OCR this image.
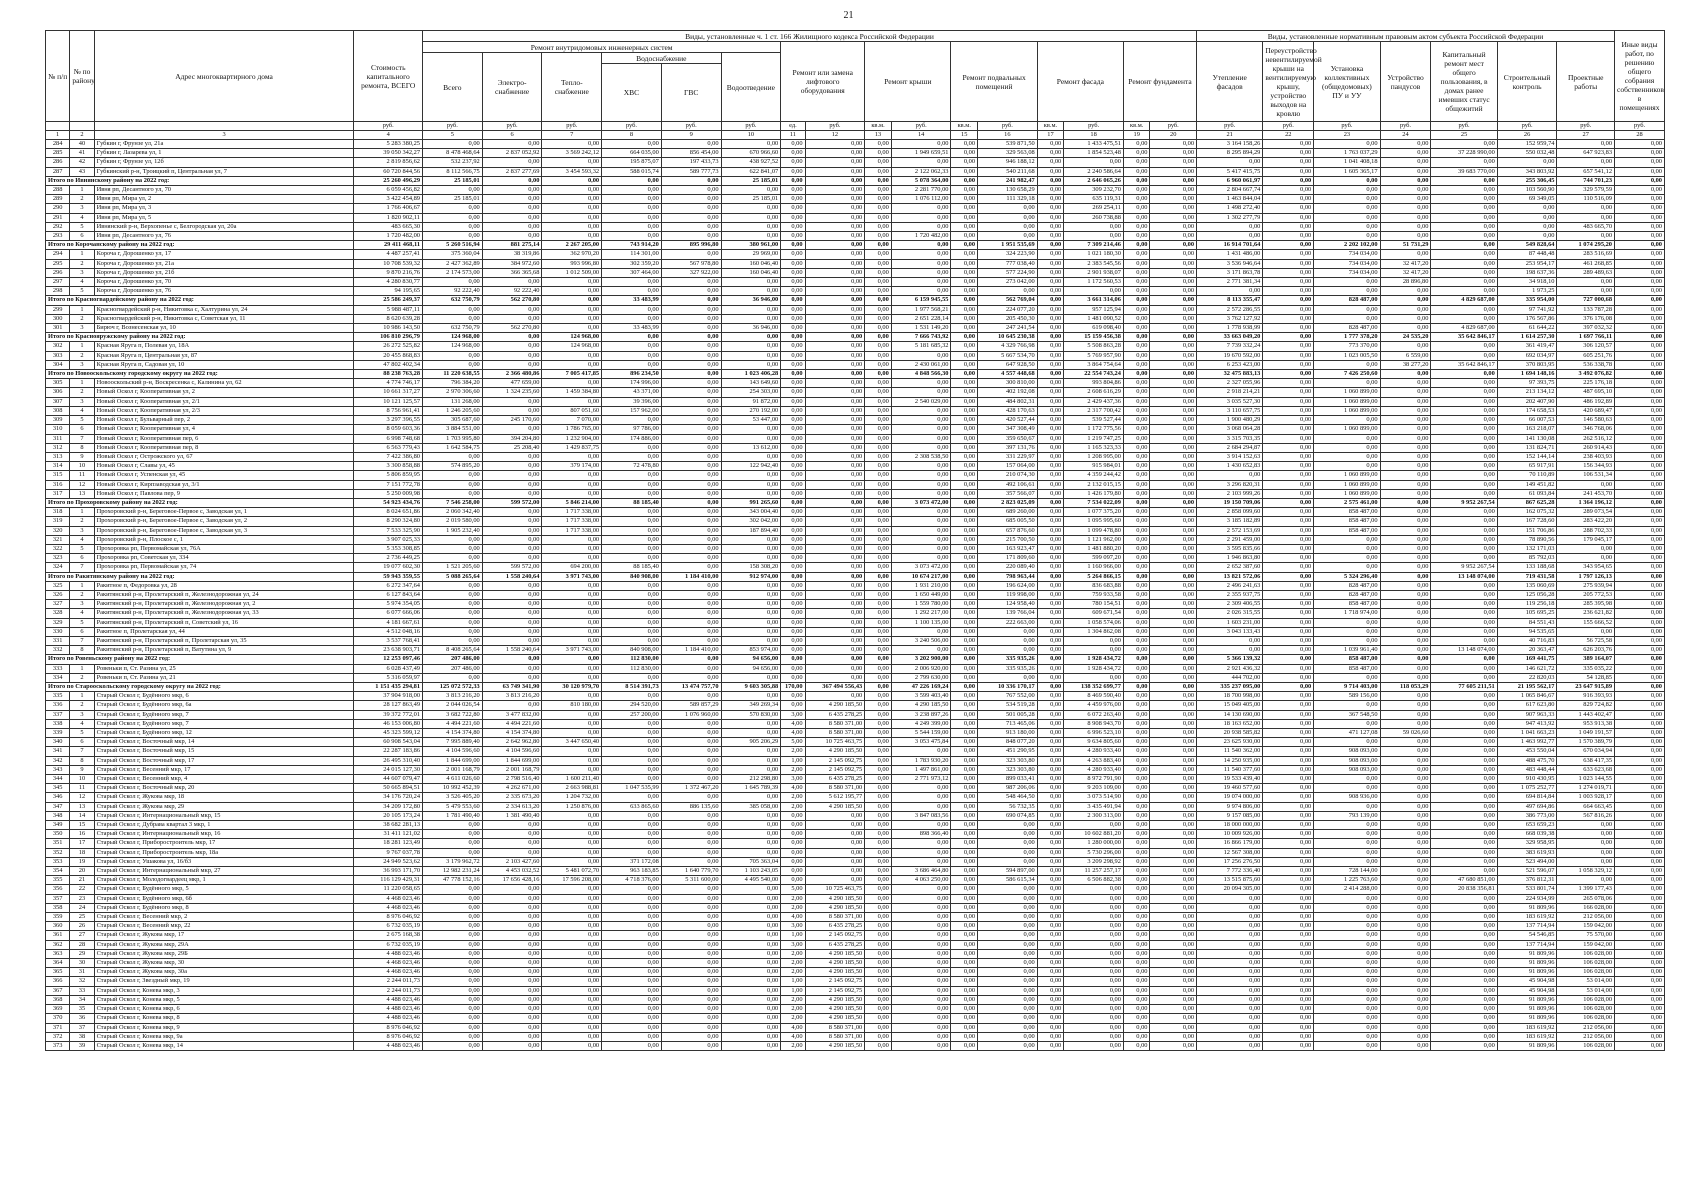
21
№ п/п	№ по району	Адрес многоквартирного дома	Стоимость капитального ремонта, ВСЕГО	Виды, установленные ч. 1 ст. 166 Жилищного кодекса Российской Федерации																Виды, установленные нормативным правовым актом субъекта Российской Федерации							Иные виды работ, по решению общего собрания собственников в помещениях
				Ремонт внутридомовых инженерных систем						Ремонт или замена лифтового оборудования		Ремонт крыши		Ремонт подвальных помещений		Ремонт фасада		Ремонт фундамента		Утепление фасадов	Переустройство невентилируемой крыши на вентилируемую крышу, устройство выходов на кровлю	Установка коллективных (общедомовых) ПУ и УУ	Устройство пандусов	Капитальный ремонт мест общего пользования, в домах ранее имевших статус общежитий	Строительный контроль	Проектные работы	
				Всего	Электро-снабжение	Тепло-снабжение	Водоснабжение		Водоотведение																		
							ХВС	ГВС																			
			руб.	руб.	руб.	руб.	руб.	руб.	руб.	ед.	руб.	кв.м.	руб.	кв.м.	руб.	кв.м.	руб.	кв.м.	руб.	руб.	руб.	руб.	руб.	руб.	руб.	руб.	руб.
1	2	3	4	5	6	7	8	9	10	11	12	13	14	15	16	17	18	19	20	21	22	23	24	25	26	27	28
284	40	Губкин г, Фрунзе ул, 21а	5 283 380,25	0,00	0,00	0,00	0,00	0,00	0,00	0,00	0,00	0,00	0,00	0,00	539 871,50	0,00	1 433 475,51	0,00	0,00	3 164 158,26	0,00	0,00	0,00	0,00	152 959,74	0,00	0,00
285	41	Губкин г, Лазарева ул, 1	39 050 342,27	8 478 468,64	2 837 052,92	3 569 242,12	664 035,00	856 454,00	670 966,60	0,00	0,00	0,00	1 949 659,51	0,00	329 563,08	0,00	1 854 523,48	0,00	0,00	8 295 894,29	0,00	1 763 037,29	0,00	37 228 990,00	550 032,48	647 923,83	0,00
286	42	Губкин г, Фрунзе ул, 12б	2 819 856,62	532 237,92	0,00	0,00	195 875,07	197 433,73	438 927,52	0,00	0,00	0,00	0,00	0,00	946 188,12	0,00	0,00	0,00	0,00	0,00	0,00	1 041 408,18	0,00	0,00	0,00	0,00	0,00
287	43	Губкинский р-н, Троицкий п, Центральная ул, 7	60 720 844,56	8 112 566,75	2 837 277,69	3 454 593,32	588 015,74	589 777,73	622 841,07	0,00	0,00	0,00	2 122 062,33	0,00	540 211,68	0,00	2 240 586,64	0,00	0,00	5 417 415,75	0,00	1 605 365,17	0,00	39 683 770,00	343 803,92	657 541,12	0,00
Итого по Ивнянскому району на 2022 год:			25 260 496,29	25 185,01	0,00	0,00	0,00	0,00	25 185,01	0,00	0,00	0,00	5 078 364,00	0,00	241 982,47	0,00	2 646 065,26	0,00	0,00	6 960 061,97	0,00	0,00	0,00	0,00	255 306,45	744 701,23	0,00
288	1	Ивня рп, Десантного ул, 70	6 059 456,82	0,00	0,00	0,00	0,00	0,00	0,00	0,00	0,00	0,00	2 281 770,00	0,00	130 658,29	0,00	309 232,70	0,00	0,00	2 804 667,74	0,00	0,00	0,00	0,00	103 560,90	329 579,59	0,00
289	2	Ивня рп, Мира ул, 2	3 422 454,89	25 185,01	0,00	0,00	0,00	0,00	25 185,01	0,00	0,00	0,00	1 076 112,00	0,00	111 329,18	0,00	635 119,31	0,00	0,00	1 463 844,04	0,00	0,00	0,00	0,00	69 349,05	110 516,09	0,00
290	3	Ивня рп, Мира ул, 3	1 766 406,67	0,00	0,00	0,00	0,00	0,00	0,00	0,00	0,00	0,00	0,00	0,00	0,00	0,00	269 254,11	0,00	0,00	1 498 272,40	0,00	0,00	0,00	0,00	0,00	0,00	0,00
291	4	Ивня рп, Мира ул, 5	1 820 902,11	0,00	0,00	0,00	0,00	0,00	0,00	0,00	0,00	0,00	0,00	0,00	0,00	0,00	260 738,88	0,00	0,00	1 302 277,79	0,00	0,00	0,00	0,00	0,00	0,00	0,00
292	5	Ивнянский р-н, Верхопенье с, Белгородская ул, 20а	483 665,30	0,00	0,00	0,00	0,00	0,00	0,00	0,00	0,00	0,00	0,00	0,00	0,00	0,00	0,00	0,00	0,00	0,00	0,00	0,00	0,00	0,00	0,00	483 665,70	0,00
293	6	Ивня рп, Десантного ул, 76	1 720 482,00	0,00	0,00	0,00	0,00	0,00	0,00	0,00	0,00	0,00	1 720 482,00	0,00	0,00	0,00	0,00	0,00	0,00	0,00	0,00	0,00	0,00	0,00	0,00	0,00	0,00
Итого по Корочанскому району на 2022 год:			29 411 468,11	5 260 516,94	881 275,14	2 267 205,00	743 914,20	895 996,80	380 961,00	0,00	0,00	0,00	0,00	0,00	1 951 535,69	0,00	7 309 214,46	0,00	0,00	16 914 701,64	0,00	2 202 102,00	51 731,29	0,00	549 828,64	1 074 295,20	0,00
294	1	Короча г, Дорошенко ул, 17	4 487 257,41	375 360,04	38 319,86	362 970,20	114 301,00	0,00	29 969,00	0,00	0,00	0,00	0,00	0,00	324 223,90	0,00	1 021 180,30	0,00	0,00	1 431 486,00	0,00	734 034,00	0,00	0,00	87 448,48	283 516,69	0,00
295	2	Короча г, Дорошенко ул, 21а	10 708 539,32	2 427 362,89	384 972,60	993 996,80	302 359,20	567 978,80	160 046,40	0,00	0,00	0,00	0,00	0,00	777 038,40	0,00	2 383 545,56	0,00	0,00	3 536 946,64	0,00	734 034,00	32 417,20	0,00	253 954,17	461 268,85	0,00
296	3	Короча г, Дорошенко ул, 21б	9 870 216,76	2 174 573,00	366 365,68	1 012 509,00	307 464,00	327 922,00	160 046,40	0,00	0,00	0,00	0,00	0,00	577 224,90	0,00	2 901 938,07	0,00	0,00	3 171 863,78	0,00	734 034,00	32 417,20	0,00	198 637,36	289 489,63	0,00
297	4	Короча г, Дорошенко ул, 70	4 280 830,77	0,00	0,00	0,00	0,00	0,00	0,00	0,00	0,00	0,00	0,00	0,00	273 042,00	0,00	1 172 560,53	0,00	0,00	2 771 381,34	0,00	0,00	28 896,80	0,00	34 918,10	0,00	0,00
298	5	Короча г, Дорошенко ул, 76	94 195,65	92 222,40	92 222,40	0,00	0,00	0,00	0,00	0,00	0,00	0,00	0,00	0,00	0,00	0,00	0,00	0,00	0,00	0,00	0,00	0,00	0,00	0,00	1 973,25	0,00	0,00
Итого по Красногвардейскому району на 2022 год:			25 586 249,37	632 750,79	562 270,80	0,00	33 483,99	0,00	36 946,00	0,00	0,00	0,00	6 159 945,55	0,00	562 769,04	0,00	3 661 314,06	0,00	0,00	8 113 355,47	0,00	828 487,00	0,00	4 829 687,00	335 954,00	727 000,68	0,00
299	1	Красногвардейский р-н, Никитовка с, Халтурина ул, 24	5 988 487,11	0,00	0,00	0,00	0,00	0,00	0,00	0,00	0,00	0,00	1 977 568,21	0,00	224 077,20	0,00	957 125,94	0,00	0,00	2 572 286,55	0,00	0,00	0,00	0,00	97 741,92	133 787,28	0,00
300	2	Красногвардейский р-н, Никитовка с, Советская ул, 11	8 620 639,28	0,00	0,00	0,00	0,00	0,00	0,00	0,00	0,00	0,00	2 651 228,14	0,00	205 450,30	0,00	1 481 090,52	0,00	0,00	3 762 127,92	0,00	0,00	0,00	0,00	176 567,86	376 176,08	0,00
301	3	Бирюч г, Вознесенская ул, 10	10 986 143,50	632 750,79	562 270,80	0,00	33 483,99	0,00	36 946,00	0,00	0,00	0,00	1 531 149,20	0,00	247 241,54	0,00	619 098,40	0,00	0,00	1 778 938,99	0,00	828 487,00	0,00	4 829 687,00	61 644,22	397 032,32	0,00
Итого по Краснояружскому району на 2022 год:			106 810 296,79	124 968,00	0,00	124 968,00	0,00	0,00	0,00	0,00	0,00	0,00	7 666 743,92	0,00	10 645 230,38	0,00	15 159 456,38	0,00	0,00	33 663 049,20	0,00	1 777 378,20	24 535,20	35 642 846,17	1 614 257,30	1 697 766,11	0,00
302	1	Красная Яруга п, Полевая ул, 18А	26 272 525,82	124 968,00	0,00	124 968,00	0,00	0,00	0,00	0,00	0,00	0,00	5 181 685,32	0,00	4 329 766,98	0,00	5 508 863,28	0,00	0,00	7 739 332,24	0,00	773 370,00	0,00	0,00	361 419,47	306 120,57	0,00
303	2	Красная Яруга п, Центральная ул, 87	20 455 868,83	0,00	0,00	0,00	0,00	0,00	0,00	0,00	0,00	0,00	0,00	0,00	5 667 534,70	0,00	5 769 957,90	0,00	0,00	19 670 592,00	0,00	1 023 005,50	6 559,00	0,00	692 034,97	605 251,76	0,00
304	3	Красная Яруга п, Садовая ул, 10	47 802 402,34	0,00	0,00	0,00	0,00	0,00	0,00	0,00	0,00	0,00	2 430 061,00	0,00	647 928,50	0,00	3 864 754,64	0,00	0,00	6 253 423,00	0,00	0,00	38 277,20	35 642 846,17	370 803,95	536 338,78	0,00
Итого по Новооскольскому городскому округу на 2022 год:			88 238 763,28	11 220 638,55	2 366 480,86	7 005 417,85	896 234,50	0,00	1 023 406,28	0,00	0,00	0,00	4 848 566,30	0,00	4 557 448,68	0,00	22 554 743,24	0,00	0,00	32 475 883,13	0,00	7 426 250,60	0,00	0,00	1 694 148,16	3 492 076,82	0,00
305	1	Новооскольский р-н, Воскресенка с, Калинина ул, 62	4 774 746,17	796 384,20	477 659,00	0,00	174 996,00	0,00	143 649,60	0,00	0,00	0,00	0,00	0,00	300 810,00	0,00	993 804,86	0,00	0,00	2 327 055,96	0,00	0,00	0,00	0,00	97 393,75	225 176,18	0,00
306	2	Новый Оскол г, Кооперативная ул, 2	10 661 317,27	2 970 306,60	1 324 235,60	1 459 384,80	43 371,00	0,00	254 303,00	0,00	0,00	0,00	0,00	0,00	402 192,08	0,00	2 608 616,29	0,00	0,00	2 918 214,21	0,00	1 060 899,00	0,00	0,00	213 134,12	487 695,10	0,00
307	3	Новый Оскол г, Кооперативная ул, 2/1	10 121 125,57	131 268,00	0,00	0,00	39 396,00	0,00	91 872,00	0,00	0,00	0,00	2 540 029,00	0,00	484 802,31	0,00	2 429 437,36	0,00	0,00	3 035 527,30	0,00	1 060 899,00	0,00	0,00	202 407,90	486 192,89	0,00
308	4	Новый Оскол г, Кооперативная ул, 2/3	8 756 961,41	1 246 205,60	0,00	807 051,60	157 962,00	0,00	270 192,00	0,00	0,00	0,00	0,00	0,00	428 170,63	0,00	2 317 700,42	0,00	0,00	3 110 657,75	0,00	1 060 899,00	0,00	0,00	174 658,53	420 689,47	0,00
309	5	Новый Оскол г, Бульварный пер, 2	3 297 396,55	305 687,60	245 170,60	7 070,00	0,00	0,00	53 447,00	0,00	0,00	0,00	0,00	0,00	420 527,44	0,00	539 527,44	0,00	0,00	1 900 480,29	0,00	0,00	0,00	0,00	66 007,53	146 580,63	0,00
310	6	Новый Оскол г, Кооперативная ул, 4	8 059 603,36	3 884 551,00	0,00	1 786 765,00	97 786,00	0,00	0,00	0,00	0,00	0,00	0,00	0,00	347 308,49	0,00	1 172 775,56	0,00	0,00	3 068 064,28	0,00	1 060 899,00	0,00	0,00	163 218,07	346 768,06	0,00
311	7	Новый Оскол г, Кооперативная пер, 6	6 998 748,68	1 703 995,80	394 204,80	1 232 904,00	174 886,00	0,00	0,00	0,00	0,00	0,00	0,00	0,00	359 650,67	0,00	1 219 747,25	0,00	0,00	3 315 703,35	0,00	0,00	0,00	0,00	141 130,08	262 516,12	0,00
312	8	Новый Оскол г, Кооперативная пер, 8	6 563 779,43	1 642 584,75	25 208,40	1 429 837,75	0,00	0,00	13 612,00	0,00	0,00	0,00	0,00	0,00	397 131,76	0,00	1 165 323,33	0,00	0,00	2 684 294,87	0,00	0,00	0,00	0,00	131 824,71	260 914,43	0,00
313	9	Новый Оскол г, Острожского ул, 67	7 422 386,80	0,00	0,00	0,00	0,00	0,00	0,00	0,00	0,00	0,00	2 308 538,50	0,00	331 229,97	0,00	1 208 995,00	0,00	0,00	3 914 152,63	0,00	0,00	0,00	0,00	152 144,14	238 403,93	0,00
314	10	Новый Оскол г, Славы ул, 45	3 300 858,88	574 895,20	0,00	379 174,00	72 478,80	0,00	122 942,40	0,00	0,00	0,00	0,00	0,00	157 064,00	0,00	915 984,01	0,00	0,00	1 430 652,83	0,00	0,00	0,00	0,00	65 917,91	156 344,93	0,00
315	11	Новый Оскол г, Успенская ул, 45	5 806 859,95	0,00	0,00	0,00	0,00	0,00	0,00	0,00	0,00	0,00	0,00	0,00	210 074,30	0,00	4 359 244,42	0,00	0,00	0,00	0,00	1 060 899,00	0,00	0,00	70 110,89	106 531,34	0,00
316	12	Новый Оскол г, Кирпзаводская ул, 3/1	7 151 772,78	0,00	0,00	0,00	0,00	0,00	0,00	0,00	0,00	0,00	0,00	0,00	492 106,61	0,00	2 132 015,15	0,00	0,00	3 296 820,31	0,00	1 060 899,00	0,00	0,00	149 451,82	0,00	0,00
317	13	Новый Оскол г, Павлова пер, 9	5 250 009,98	0,00	0,00	0,00	0,00	0,00	0,00	0,00	0,00	0,00	0,00	0,00	357 566,07	0,00	1 426 179,80	0,00	0,00	2 103 999,26	0,00	1 060 899,00	0,00	0,00	61 093,84	241 453,70	0,00
Итого по Прохоровскому району на 2022 год:			54 923 434,76	7 546 258,00	599 572,00	5 846 214,00	88 185,40	0,00	991 265,60	0,00	0,00	0,00	3 073 472,00	0,00	2 823 025,09	0,00	7 534 022,09	0,00	0,00	19 150 709,06	0,00	2 575 461,00	0,00	9 952 267,54	867 625,28	1 364 196,12	0,00
318	1	Прохоровский р-н, Береговое-Первое с, Заводская ул, 1	8 024 651,86	2 060 342,40	0,00	1 717 338,00	0,00	0,00	343 004,40	0,00	0,00	0,00	0,00	0,00	689 260,00	0,00	1 077 375,20	0,00	0,00	2 858 099,60	0,00	858 487,00	0,00	0,00	162 075,32	289 073,54	0,00
319	2	Прохоровский р-н, Береговое-Первое с, Заводская ул, 2	8 290 324,80	2 019 580,00	0,00	1 717 338,00	0,00	0,00	302 042,00	0,00	0,00	0,00	0,00	0,00	685 005,50	0,00	1 095 995,60	0,00	0,00	3 185 182,89	0,00	858 487,00	0,00	0,00	167 728,60	283 422,20	0,00
320	3	Прохоровский р-н, Береговое-Первое с, Заводская ул, 3	7 533 325,90	1 905 232,40	0,00	1 717 338,00	0,00	0,00	187 894,40	0,00	0,00	0,00	0,00	0,00	657 876,60	0,00	1 099 478,80	0,00	0,00	2 572 153,69	0,00	858 487,00	0,00	0,00	151 706,86	288 702,33	0,00
321	4	Прохоровский р-н, Плоское с, 1	3 907 025,33	0,00	0,00	0,00	0,00	0,00	0,00	0,00	0,00	0,00	0,00	0,00	215 700,50	0,00	1 121 962,00	0,00	0,00	2 291 459,00	0,00	0,00	0,00	0,00	78 890,56	179 045,17	0,00
322	5	Прохоровка рп, Первомайская ул, 76А	5 353 308,85	0,00	0,00	0,00	0,00	0,00	0,00	0,00	0,00	0,00	0,00	0,00	163 923,47	0,00	1 481 880,20	0,00	0,00	3 595 835,66	0,00	0,00	0,00	0,00	132 171,03	0,00	0,00
323	6	Прохоровка рп, Советская ул, 334	2 736 449,25	0,00	0,00	0,00	0,00	0,00	0,00	0,00	0,00	0,00	0,00	0,00	171 809,60	0,00	599 097,20	0,00	0,00	1 946 863,80	0,00	0,00	0,00	0,00	85 792,03	0,00	0,00
324	7	Прохоровка рп, Первомайская ул, 74	19 077 602,30	1 521 205,60	599 572,00	694 200,00	88 185,40	0,00	158 308,20	0,00	0,00	0,00	3 073 472,00	0,00	220 089,40	0,00	1 160 966,00	0,00	0,00	2 652 387,60	0,00	0,00	0,00	9 952 267,54	133 188,68	343 954,65	0,00
Итого по Ракитянскому району на 2022 год:			59 943 359,55	5 088 265,64	1 558 240,64	3 971 743,00	840 908,00	1 184 410,00	912 974,00	0,00	0,00	0,00	10 674 217,00	0,00	798 963,44	0,00	5 264 866,15	0,00	0,00	13 821 572,06	0,00	5 324 296,40	0,00	13 148 074,00	719 431,58	1 797 126,13	0,00
325	1	Ракитное п, Федоровка ул, 28	6 272 347,64	0,00	0,00	0,00	0,00	0,00	0,00	0,00	0,00	0,00	1 931 210,00	0,00	196 624,00	0,00	836 683,88	0,00	0,00	2 496 241,63	0,00	828 487,00	0,00	0,00	135 060,69	275 939,94	0,00
326	2	Ракитянский р-н, Пролетарский п, Железнодорожная ул, 24	6 127 843,64	0,00	0,00	0,00	0,00	0,00	0,00	0,00	0,00	0,00	1 650 449,00	0,00	119 998,00	0,00	759 933,58	0,00	0,00	2 355 937,75	0,00	828 487,00	0,00	0,00	125 056,28	205 772,53	0,00
327	3	Ракитянский р-н, Пролетарский п, Железнодорожная ул, 2	5 974 354,05	0,00	0,00	0,00	0,00	0,00	0,00	0,00	0,00	0,00	1 559 780,00	0,00	124 958,40	0,00	780 154,51	0,00	0,00	2 309 406,55	0,00	858 487,00	0,00	0,00	119 256,18	285 395,98	0,00
328	4	Ракитянский р-н, Пролетарский п, Железнодорожная ул, 33	6 077 666,06	0,00	0,00	0,00	0,00	0,00	0,00	0,00	0,00	0,00	1 292 217,00	0,00	139 766,04	0,00	609 671,54	0,00	0,00	2 026 315,55	0,00	1 718 974,00	0,00	0,00	105 695,25	236 621,82	0,00
329	5	Ракитянский р-н, Пролетарский п, Советский ул, 16	4 181 667,61	0,00	0,00	0,00	0,00	0,00	0,00	0,00	0,00	0,00	1 100 135,00	0,00	222 663,00	0,00	1 058 574,06	0,00	0,00	1 603 231,00	0,00	0,00	0,00	0,00	84 551,43	155 666,52	0,00
330	6	Ракитное п, Пролетарская ул, 44	4 512 048,16	0,00	0,00	0,00	0,00	0,00	0,00	0,00	0,00	0,00	0,00	0,00	0,00	0,00	1 304 862,08	0,00	0,00	3 043 133,43	0,00	0,00	0,00	0,00	94 535,65	0,00	0,00
331	7	Ракитянский р-н, Пролетарский п, Пролетарская ул, 35	3 537 768,41	0,00	0,00	0,00	0,00	0,00	0,00	0,00	0,00	0,00	3 240 506,00	0,00	0,00	0,00	0,00	0,00	0,00	0,00	0,00	0,00	0,00	0,00	40 716,83	56 725,58	0,00
332	8	Ракитянский р-н, Пролетарский п, Ватутина ул, 9	23 638 903,71	8 408 265,64	1 558 240,64	3 971 743,00	840 908,00	1 184 410,00	853 974,00	0,00	0,00	0,00	0,00	0,00	0,00	0,00	0,00	0,00	0,00	0,00	0,00	1 039 961,40	0,00	13 148 074,00	20 363,47	626 203,76	0,00
Итого по Ровеньскому району на 2022 год:			12 253 097,46	207 486,00	0,00	0,00	112 830,00	0,00	94 656,00	0,00	0,00	0,00	3 202 900,00	0,00	335 935,26	0,00	1 928 434,72	0,00	0,00	5 366 139,32	0,00	858 487,00	0,00	0,00	169 441,75	389 164,07	0,00
333	1	Ровеньки п, Ст. Разина ул, 25	6 028 437,49	207 486,00	0,00	0,00	112 830,00	0,00	94 656,00	0,00	0,00	0,00	2 006 920,00	0,00	335 935,26	0,00	1 928 434,72	0,00	0,00	2 921 436,32	0,00	858 487,00	0,00	0,00	146 621,72	335 035,22	0,00
334	2	Ровеньки п, Ст. Разина ул, 21	5 316 059,97	0,00	0,00	0,00	0,00	0,00	0,00	0,00	0,00	0,00	2 799 630,00	0,00	0,00	0,00	0,00	0,00	0,00	444 702,00	0,00	0,00	0,00	0,00	22 820,03	54 128,85	0,00
Итого по Старооскольскому городскому округу на 2022 год:			1 151 435 294,81	125 072 572,33	63 749 341,90	30 120 979,70	8 514 391,73	13 474 757,70	9 603 305,88	170,00	367 494 556,43	0,00	47 226 169,24	0,00	10 336 170,17	0,00	138 352 699,77	0,00	0,00	335 237 095,00	0,00	9 714 403,00	118 053,29	77 605 211,51	21 195 562,17	23 647 915,89	0,00
335	1	Старый Оскол г, Будённого мкр, 6	37 904 918,00	3 813 216,20	3 813 216,20	0,00	0,00	0,00	0,00	0,00	0,00	0,00	3 599 403,40	0,00	767 552,00	0,00	8 469 590,40	0,00	0,00	18 700 998,00	0,00	589 156,00	0,00	0,00	1 065 846,67	916 393,93	0,00
336	2	Старый Оскол г, Будённого мкр, 6а	28 127 863,49	2 044 026,54	0,00	810 180,00	294 520,00	589 857,29	349 269,34	0,00	4 290 185,50	0,00	4 290 185,50	0,00	534 519,28	0,00	4 459 976,00	0,00	0,00	15 049 405,00	0,00	0,00	0,00	0,00	617 623,80	829 724,82	0,00
337	3	Старый Оскол г, Будённого мкр, 7	39 372 772,01	3 682 722,80	3 477 832,00	0,00	257 200,00	1 076 960,00	570 830,00	3,00	6 435 278,25	0,00	3 238 897,26	0,00	501 005,28	0,00	6 072 263,40	0,00	0,00	14 130 690,00	0,00	367 548,50	0,00	0,00	907 963,33	1 443 402,47	0,00
338	4	Старый Оскол г, Будённого мкр, 7	46 153 006,80	4 494 221,60	4 494 221,60	0,00	0,00	0,00	0,00	4,00	8 580 371,00	0,00	4 249 399,00	0,00	713 465,06	0,00	8 908 943,70	0,00	0,00	18 163 652,00	0,00	0,00	0,00	0,00	947 413,92	953 913,38	0,00
339	5	Старый Оскол г, Будённого мкр, 12	45 323 599,12	4 154 374,80	4 154 374,80	0,00	0,00	0,00	0,00	4,00	8 580 371,00	0,00	5 544 159,00	0,00	913 180,00	0,00	6 996 523,10	0,00	0,00	20 938 585,82	0,00	471 127,08	59 026,60	0,00	1 041 663,23	1 049 191,57	0,00
340	6	Старый Оскол г, Восточный мкр, 14	60 908 543,04	7 995 889,40	2 642 962,80	3 447 650,40	0,00	0,00	905 206,29	5,00	10 725 463,75	0,00	3 053 475,84	0,00	848 077,20	0,00	9 634 805,60	0,00	0,00	23 625 930,00	0,00	0,00	0,00	0,00	1 463 992,77	1 570 389,79	0,00
341	7	Старый Оскол г, Восточный мкр, 15	22 287 183,86	4 104 596,60	4 104 596,60	0,00	0,00	0,00	0,00	2,00	4 290 185,50	0,00	0,00	0,00	451 290,95	0,00	4 280 933,40	0,00	0,00	11 540 362,00	0,00	908 093,00	0,00	0,00	453 550,04	670 034,94	0,00
342	8	Старый Оскол г, Восточный мкр, 17	26 495 310,40	1 844 699,00	1 844 699,00	0,00	0,00	0,00	0,00	1,00	2 145 092,75	0,00	1 783 930,20	0,00	323 303,80	0,00	4 263 883,40	0,00	0,00	14 250 935,00	0,00	908 093,00	0,00	0,00	488 475,70	638 417,35	0,00
343	9	Старый Оскол г, Весенний мкр, 17	24 015 127,30	2 001 168,79	2 001 168,79	0,00	0,00	0,00	0,00	2,00	2 145 092,75	0,00	1 497 861,00	0,00	323 303,80	0,00	4 280 933,40	0,00	0,00	11 540 377,60	0,00	908 093,00	0,00	0,00	483 448,44	633 623,68	0,00
344	10	Старый Оскол г, Весенний мкр, 4	44 607 079,47	4 611 026,60	2 798 516,40	1 600 211,40	0,00	0,00	212 298,80	3,00	6 435 278,25	0,00	2 771 973,12	0,00	899 033,41	0,00	8 972 791,90	0,00	0,00	19 533 439,40	0,00	0,00	0,00	0,00	910 430,95	1 023 144,55	0,00
345	11	Старый Оскол г, Восточный мкр, 20	50 665 894,51	10 992 452,39	4 262 671,00	2 663 988,81	1 047 535,99	1 372 467,20	1 645 789,39	4,00	8 580 371,00	0,00	0,00	0,00	987 206,06	0,00	9 203 109,00	0,00	0,00	19 460 577,60	0,00	0,00	0,00	0,00	1 075 252,77	1 274 019,71	0,00
346	12	Старый Оскол г, Жукова мкр, 18	34 176 720,24	3 526 405,20	2 335 673,20	1 204 732,00	0,00	0,00	0,00	2,00	5 612 195,77	0,00	0,00	0,00	548 464,50	0,00	3 073 514,90	0,00	0,00	19 074 000,00	0,00	908 936,00	0,00	0,00	694 814,84	1 003 928,17	0,00
347	13	Старый Оскол г, Жукова мкр, 29	34 209 172,80	5 479 553,60	2 334 613,20	1 250 876,00	633 865,60	886 135,60	385 058,00	2,00	4 290 185,50	0,00	0,00	0,00	56 732,35	0,00	3 435 491,94	0,00	0,00	9 974 806,00	0,00	0,00	0,00	0,00	497 694,86	664 663,45	0,00
348	14	Старый Оскол г, Интернациональный мкр, 15	20 105 173,24	1 781 490,40	1 381 490,40	0,00	0,00	0,00	0,00	0,00	0,00	0,00	3 847 083,56	0,00	690 074,85	0,00	2 300 313,00	0,00	0,00	9 157 085,00	0,00	793 139,00	0,00	0,00	386 773,00	567 816,26	0,00
349	15	Старый Оскол г, Дубрава квартал 3 мкр, 1	38 682 281,13	0,00	0,00	0,00	0,00	0,00	0,00	0,00	0,00	0,00	0,00	0,00	0,00	0,00	0,00	0,00	0,00	18 000 000,00	0,00	0,00	0,00	0,00	653 659,23	0,00	0,00
350	16	Старый Оскол г, Интернациональный мкр, 16	31 411 121,02	0,00	0,00	0,00	0,00	0,00	0,00	0,00	0,00	0,00	898 366,40	0,00	0,00	0,00	10 602 881,20	0,00	0,00	10 009 926,00	0,00	0,00	0,00	0,00	668 039,38	0,00	0,00
351	17	Старый Оскол г, Приборостроитель мкр, 17	18 281 123,49	0,00	0,00	0,00	0,00	0,00	0,00	0,00	0,00	0,00	0,00	0,00	0,00	0,00	1 280 000,00	0,00	0,00	16 866 179,00	0,00	0,00	0,00	0,00	329 958,95	0,00	0,00
352	18	Старый Оскол г, Приборостроитель мкр, 18а	9 767 037,78	0,00	0,00	0,00	0,00	0,00	0,00	0,00	0,00	0,00	0,00	0,00	0,00	0,00	5 730 296,00	0,00	0,00	12 567 308,00	0,00	0,00	0,00	0,00	383 619,93	0,00	0,00
353	19	Старый Оскол г, Ушакова ул, 16/б3	24 949 523,62	3 179 962,72	2 103 427,60	0,00	371 172,08	0,00	705 363,04	0,00	0,00	0,00	0,00	0,00	0,00	0,00	3 209 298,92	0,00	0,00	17 256 276,50	0,00	0,00	0,00	0,00	523 494,00	0,00	0,00
354	20	Старый Оскол г, Интернациональный мкр, 27	36 993 171,70	12 982 231,24	4 453 032,52	5 481 072,70	963 183,85	1 640 779,70	1 103 243,05	0,00	0,00	0,00	3 686 464,80	0,00	594 897,00	0,00	11 257 257,17	0,00	0,00	7 772 336,40	0,00	728 144,00	0,00	0,00	521 596,07	1 058 329,12	0,00
355	21	Старый Оскол г, Молодогвардеец мкр, 1	116 129 429,31	47 778 152,16	17 656 428,16	17 596 208,00	4 718 376,00	5 311 600,00	4 495 540,00	0,00	0,00	0,00	4 063 250,00	0,00	586 615,34	0,00	6 506 882,38	0,00	0,00	13 515 875,60	0,00	1 225 763,60	0,00	47 680 851,00	376 812,31	0,00	0,00
356	22	Старый Оскол г, Будённого мкр, 5	11 220 058,65	0,00	0,00	0,00	0,00	0,00	0,00	5,00	10 725 463,75	0,00	0,00	0,00	0,00	0,00	0,00	0,00	0,00	20 094 305,00	0,00	2 414 288,00	0,00	20 838 356,81	533 801,74	1 399 177,43	0,00
357	23	Старый Оскол г, Будённого мкр, 6б	4 468 023,46	0,00	0,00	0,00	0,00	0,00	0,00	2,00	4 290 185,50	0,00	0,00	0,00	0,00	0,00	0,00	0,00	0,00	0,00	0,00	0,00	0,00	0,00	224 934,99	265 078,06	0,00
358	24	Старый Оскол г, Будённого мкр, 8	4 468 023,46	0,00	0,00	0,00	0,00	0,00	0,00	2,00	4 290 185,50	0,00	0,00	0,00	0,00	0,00	0,00	0,00	0,00	0,00	0,00	0,00	0,00	0,00	91 809,96	166 028,00	0,00
359	25	Старый Оскол г, Весенний мкр, 2	8 976 046,92	0,00	0,00	0,00	0,00	0,00	0,00	4,00	8 580 371,00	0,00	0,00	0,00	0,00	0,00	0,00	0,00	0,00	0,00	0,00	0,00	0,00	0,00	183 619,92	212 056,00	0,00
360	26	Старый Оскол г, Весенний мкр, 22	6 732 035,19	0,00	0,00	0,00	0,00	0,00	0,00	3,00	6 435 278,25	0,00	0,00	0,00	0,00	0,00	0,00	0,00	0,00	0,00	0,00	0,00	0,00	0,00	137 714,94	159 042,00	0,00
361	27	Старый Оскол г, Жукова мкр, 17	2 675 168,38	0,00	0,00	0,00	0,00	0,00	0,00	1,00	2 145 092,75	0,00	0,00	0,00	0,00	0,00	0,00	0,00	0,00	0,00	0,00	0,00	0,00	0,00	54 546,85	75 570,00	0,00
362	28	Старый Оскол г, Жукова мкр, 29А	6 732 035,19	0,00	0,00	0,00	0,00	0,00	0,00	3,00	6 435 278,25	0,00	0,00	0,00	0,00	0,00	0,00	0,00	0,00	0,00	0,00	0,00	0,00	0,00	137 714,94	159 042,00	0,00
363	29	Старый Оскол г, Жукова мкр, 29Б	4 488 023,46	0,00	0,00	0,00	0,00	0,00	0,00	2,00	4 290 185,50	0,00	0,00	0,00	0,00	0,00	0,00	0,00	0,00	0,00	0,00	0,00	0,00	0,00	91 809,96	106 028,00	0,00
364	30	Старый Оскол г, Жукова мкр, 30	4 468 023,46	0,00	0,00	0,00	0,00	0,00	0,00	2,00	4 290 185,50	0,00	0,00	0,00	0,00	0,00	0,00	0,00	0,00	0,00	0,00	0,00	0,00	0,00	91 809,96	106 028,00	0,00
365	31	Старый Оскол г, Жукова мкр, 30а	4 468 023,46	0,00	0,00	0,00	0,00	0,00	0,00	2,00	4 290 185,50	0,00	0,00	0,00	0,00	0,00	0,00	0,00	0,00	0,00	0,00	0,00	0,00	0,00	91 809,96	106 028,00	0,00
366	32	Старый Оскол г, Звездный мкр, 19	2 244 011,73	0,00	0,00	0,00	0,00	0,00	0,00	1,00	2 145 092,75	0,00	0,00	0,00	0,00	0,00	0,00	0,00	0,00	0,00	0,00	0,00	0,00	0,00	45 904,98	53 014,00	0,00
367	33	Старый Оскол г, Конева мкр, 3	2 244 011,73	0,00	0,00	0,00	0,00	0,00	0,00	1,00	2 145 092,75	0,00	0,00	0,00	0,00	0,00	0,00	0,00	0,00	0,00	0,00	0,00	0,00	0,00	45 904,98	53 014,00	0,00
368	34	Старый Оскол г, Конева мкр, 5	4 488 023,46	0,00	0,00	0,00	0,00	0,00	0,00	2,00	4 290 185,50	0,00	0,00	0,00	0,00	0,00	0,00	0,00	0,00	0,00	0,00	0,00	0,00	0,00	91 809,96	106 028,00	0,00
369	35	Старый Оскол г, Конева мкр, 6	4 488 023,46	0,00	0,00	0,00	0,00	0,00	0,00	2,00	4 290 185,50	0,00	0,00	0,00	0,00	0,00	0,00	0,00	0,00	0,00	0,00	0,00	0,00	0,00	91 809,96	106 028,00	0,00
370	36	Старый Оскол г, Конева мкр, 8	4 488 023,46	0,00	0,00	0,00	0,00	0,00	0,00	2,00	4 290 185,50	0,00	0,00	0,00	0,00	0,00	0,00	0,00	0,00	0,00	0,00	0,00	0,00	0,00	91 809,96	106 028,00	0,00
371	37	Старый Оскол г, Конева мкр, 9	8 976 046,92	0,00	0,00	0,00	0,00	0,00	0,00	4,00	8 580 371,00	0,00	0,00	0,00	0,00	0,00	0,00	0,00	0,00	0,00	0,00	0,00	0,00	0,00	183 619,92	212 056,00	0,00
372	38	Старый Оскол г, Конева мкр, 9а	8 976 046,92	0,00	0,00	0,00	0,00	0,00	0,00	4,00	8 580 371,00	0,00	0,00	0,00	0,00	0,00	0,00	0,00	0,00	0,00	0,00	0,00	0,00	0,00	183 619,92	212 056,00	0,00
373	39	Старый Оскол г, Конева мкр, 14	4 488 023,46	0,00	0,00	0,00	0,00	0,00	0,00	2,00	4 290 185,50	0,00	0,00	0,00	0,00	0,00	0,00	0,00	0,00	0,00	0,00	0,00	0,00	0,00	91 809,96	106 028,00	0,00
